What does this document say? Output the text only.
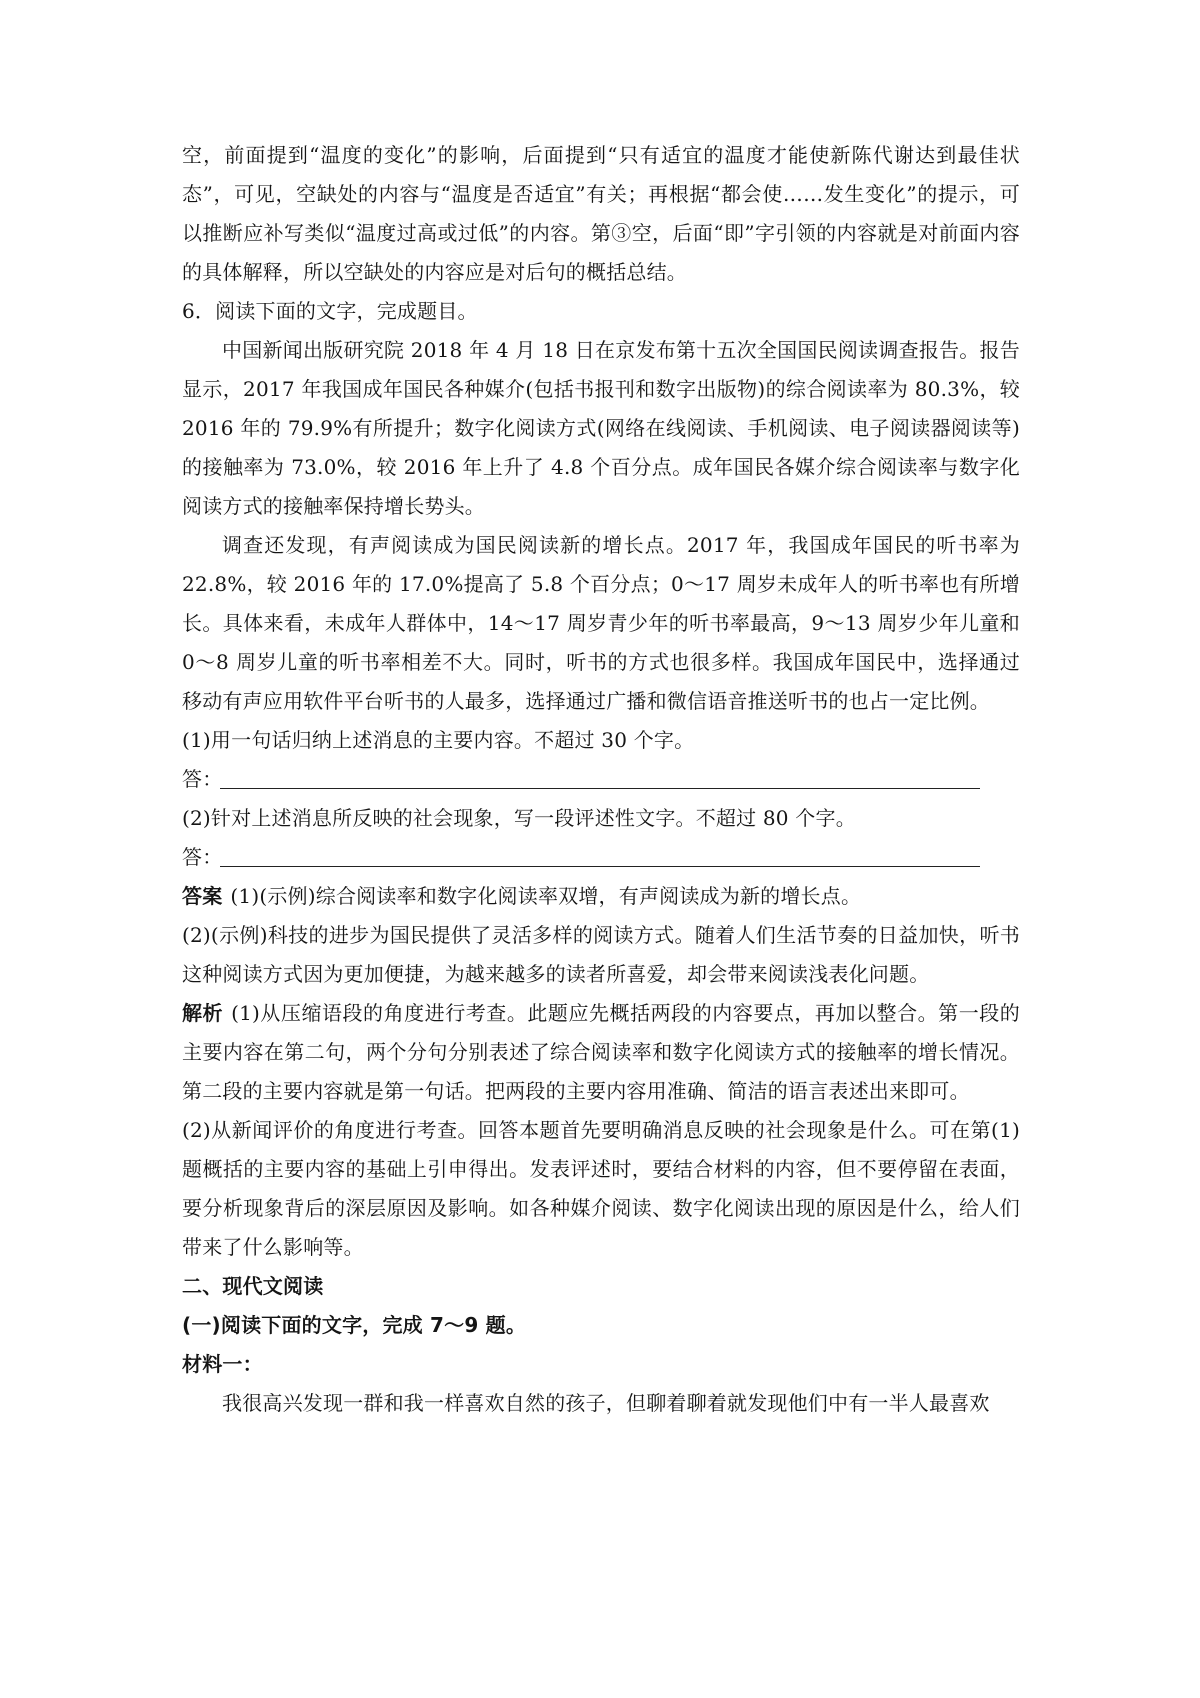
空，前面提到“温度的变化”的影响，后面提到“只有适宜的温度才能使新陈代谢达到最佳状态”，可见，空缺处的内容与“温度是否适宜”有关；再根据“都会使……发生变化”的提示，可以推断应补写类似“温度过高或过低”的内容。第③空，后面“即”字引领的内容就是对前面内容的具体解释，所以空缺处的内容应是对后句的概括总结。

6．阅读下面的文字，完成题目。

中国新闻出版研究院 2018 年 4 月 18 日在京发布第十五次全国国民阅读调查报告。报告显示，2017 年我国成年国民各种媒介(包括书报刊和数字出版物)的综合阅读率为 80.3%，较 2016 年的 79.9%有所提升；数字化阅读方式(网络在线阅读、手机阅读、电子阅读器阅读等)的接触率为 73.0%，较 2016 年上升了 4.8 个百分点。成年国民各媒介综合阅读率与数字化阅读方式的接触率保持增长势头。

调查还发现，有声阅读成为国民阅读新的增长点。2017 年，我国成年国民的听书率为 22.8%，较 2016 年的 17.0%提高了 5.8 个百分点；0～17 周岁未成年人的听书率也有所增长。具体来看，未成年人群体中，14～17 周岁青少年的听书率最高，9～13 周岁少年儿童和 0～8 周岁儿童的听书率相差不大。同时，听书的方式也很多样。我国成年国民中，选择通过移动有声应用软件平台听书的人最多，选择通过广播和微信语音推送听书的也占一定比例。

(1)用一句话归纳上述消息的主要内容。不超过 30 个字。

答：

(2)针对上述消息所反映的社会现象，写一段评述性文字。不超过 80 个字。

答：

答案 (1)(示例)综合阅读率和数字化阅读率双增，有声阅读成为新的增长点。

(2)(示例)科技的进步为国民提供了灵活多样的阅读方式。随着人们生活节奏的日益加快，听书这种阅读方式因为更加便捷，为越来越多的读者所喜爱，却会带来阅读浅表化问题。

解析 (1)从压缩语段的角度进行考查。此题应先概括两段的内容要点，再加以整合。第一段的主要内容在第二句，两个分句分别表述了综合阅读率和数字化阅读方式的接触率的增长情况。第二段的主要内容就是第一句话。把两段的主要内容用准确、简洁的语言表述出来即可。

(2)从新闻评价的角度进行考查。回答本题首先要明确消息反映的社会现象是什么。可在第(1)题概括的主要内容的基础上引申得出。发表评述时，要结合材料的内容，但不要停留在表面，要分析现象背后的深层原因及影响。如各种媒介阅读、数字化阅读出现的原因是什么，给人们带来了什么影响等。

二、现代文阅读

(一)阅读下面的文字，完成 7～9 题。

材料一：

我很高兴发现一群和我一样喜欢自然的孩子，但聊着聊着就发现他们中有一半人最喜欢
